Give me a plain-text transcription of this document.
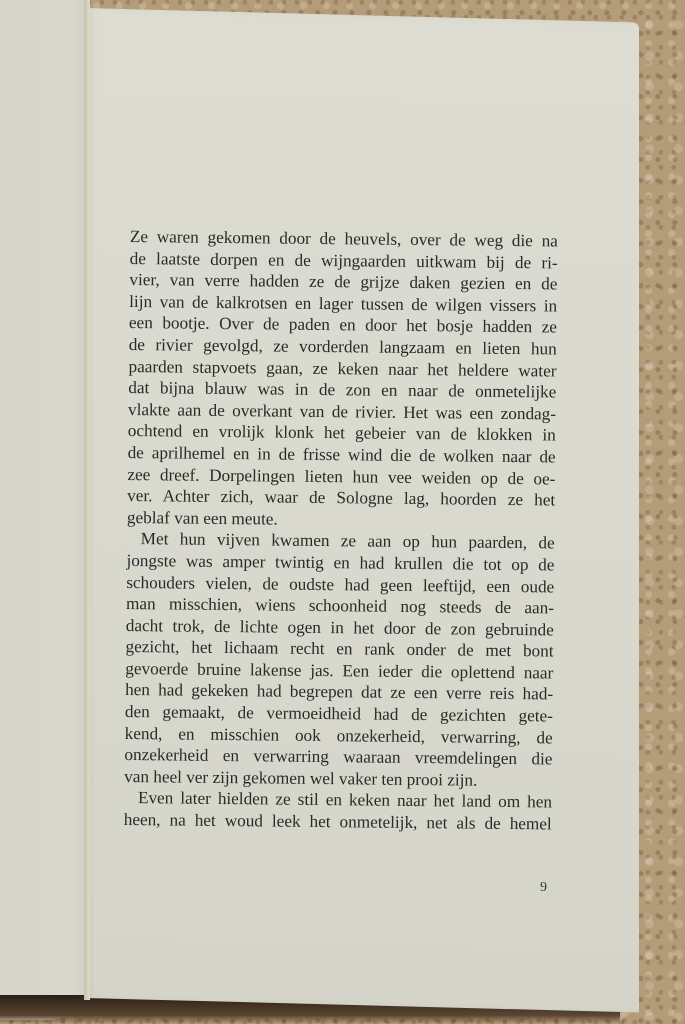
Ze waren gekomen door de heuvels, over de weg die na
de laatste dorpen en de wijngaarden uitkwam bij de ri-
vier, van verre hadden ze de grijze daken gezien en de
lijn van de kalkrotsen en lager tussen de wilgen vissers in
een bootje. Over de paden en door het bosje hadden ze
de rivier gevolgd, ze vorderden langzaam en lieten hun
paarden stapvoets gaan, ze keken naar het heldere water
dat bijna blauw was in de zon en naar de onmetelijke
vlakte aan de overkant van de rivier. Het was een zondag-
ochtend en vrolijk klonk het gebeier van de klokken in
de aprilhemel en in de frisse wind die de wolken naar de
zee dreef. Dorpelingen lieten hun vee weiden op de oe-
ver. Achter zich, waar de Sologne lag, hoorden ze het
geblaf van een meute.
Met hun vijven kwamen ze aan op hun paarden, de
jongste was amper twintig en had krullen die tot op de
schouders vielen, de oudste had geen leeftijd, een oude
man misschien, wiens schoonheid nog steeds de aan-
dacht trok, de lichte ogen in het door de zon gebruinde
gezicht, het lichaam recht en rank onder de met bont
gevoerde bruine lakense jas. Een ieder die oplettend naar
hen had gekeken had begrepen dat ze een verre reis had-
den gemaakt, de vermoeidheid had de gezichten gete-
kend, en misschien ook onzekerheid, verwarring, de
onzekerheid en verwarring waaraan vreemdelingen die
van heel ver zijn gekomen wel vaker ten prooi zijn.
Even later hielden ze stil en keken naar het land om hen
heen, na het woud leek het onmetelijk, net als de hemel
9
